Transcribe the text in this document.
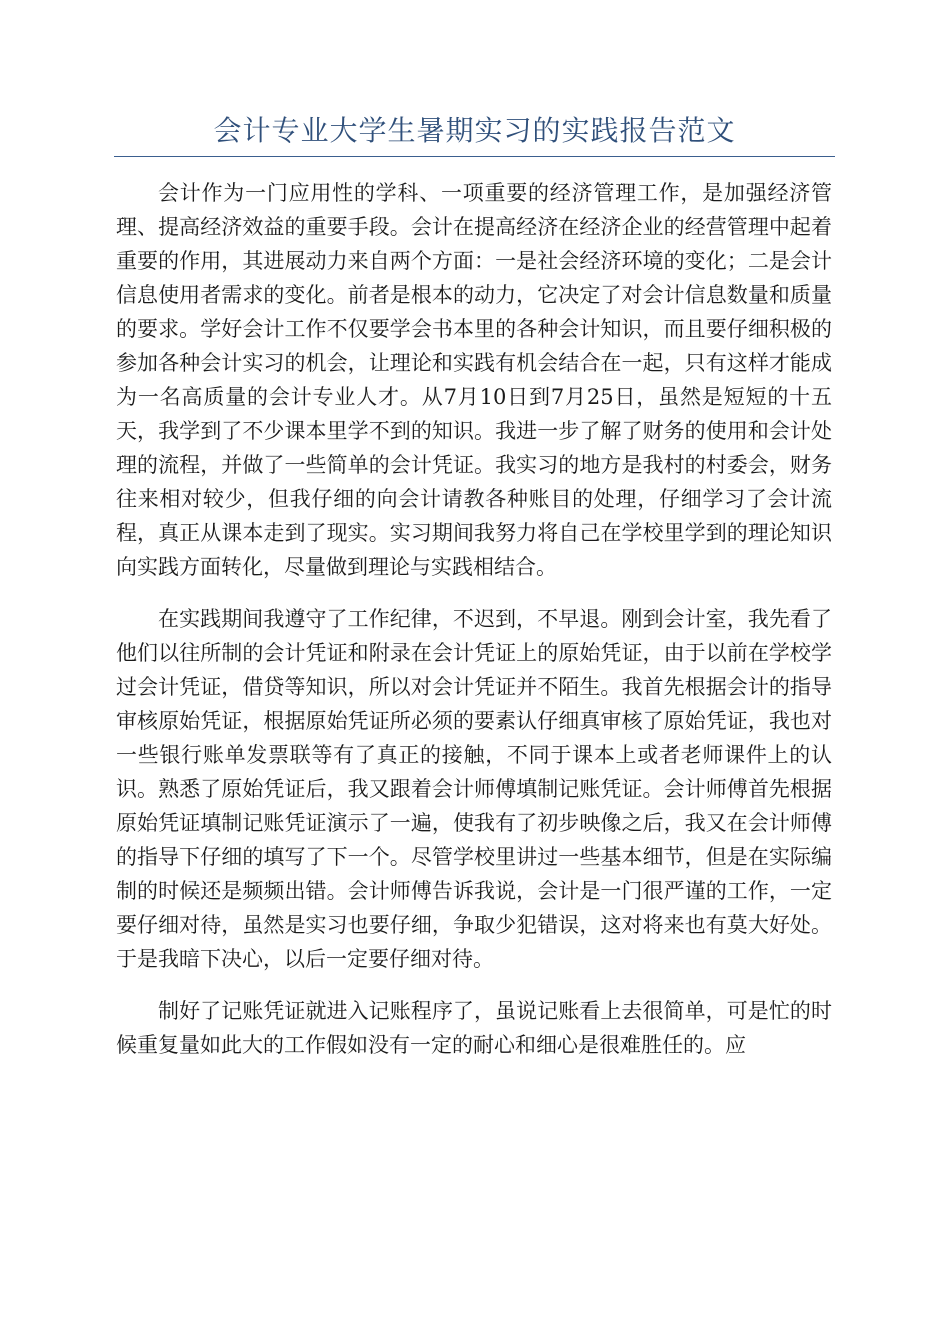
会计专业大学生暑期实习的实践报告范文

会计作为一门应用性的学科、一项重要的经济管理工作，是加强经济管理、提高经济效益的重要手段。会计在提高经济在经济企业的经营管理中起着重要的作用，其进展动力来自两个方面：一是社会经济环境的变化；二是会计信息使用者需求的变化。前者是根本的动力，它决定了对会计信息数量和质量的要求。学好会计工作不仅要学会书本里的各种会计知识，而且要仔细积极的参加各种会计实习的机会，让理论和实践有机会结合在一起，只有这样才能成为一名高质量的会计专业人才。从7月10日到7月25日，虽然是短短的十五天，我学到了不少课本里学不到的知识。我进一步了解了财务的使用和会计处理的流程，并做了一些简单的会计凭证。我实习的地方是我村的村委会，财务往来相对较少，但我仔细的向会计请教各种账目的处理，仔细学习了会计流程，真正从课本走到了现实。实习期间我努力将自己在学校里学到的理论知识向实践方面转化，尽量做到理论与实践相结合。

在实践期间我遵守了工作纪律，不迟到，不早退。刚到会计室，我先看了他们以往所制的会计凭证和附录在会计凭证上的原始凭证，由于以前在学校学过会计凭证，借贷等知识，所以对会计凭证并不陌生。我首先根据会计的指导审核原始凭证，根据原始凭证所必须的要素认仔细真审核了原始凭证，我也对一些银行账单发票联等有了真正的接触，不同于课本上或者老师课件上的认识。熟悉了原始凭证后，我又跟着会计师傅填制记账凭证。会计师傅首先根据原始凭证填制记账凭证演示了一遍，使我有了初步映像之后，我又在会计师傅的指导下仔细的填写了下一个。尽管学校里讲过一些基本细节，但是在实际编制的时候还是频频出错。会计师傅告诉我说，会计是一门很严谨的工作，一定要仔细对待，虽然是实习也要仔细，争取少犯错误，这对将来也有莫大好处。于是我暗下决心，以后一定要仔细对待。

制好了记账凭证就进入记账程序了，虽说记账看上去很简单，可是忙的时候重复量如此大的工作假如没有一定的耐心和细心是很难胜任的。应
